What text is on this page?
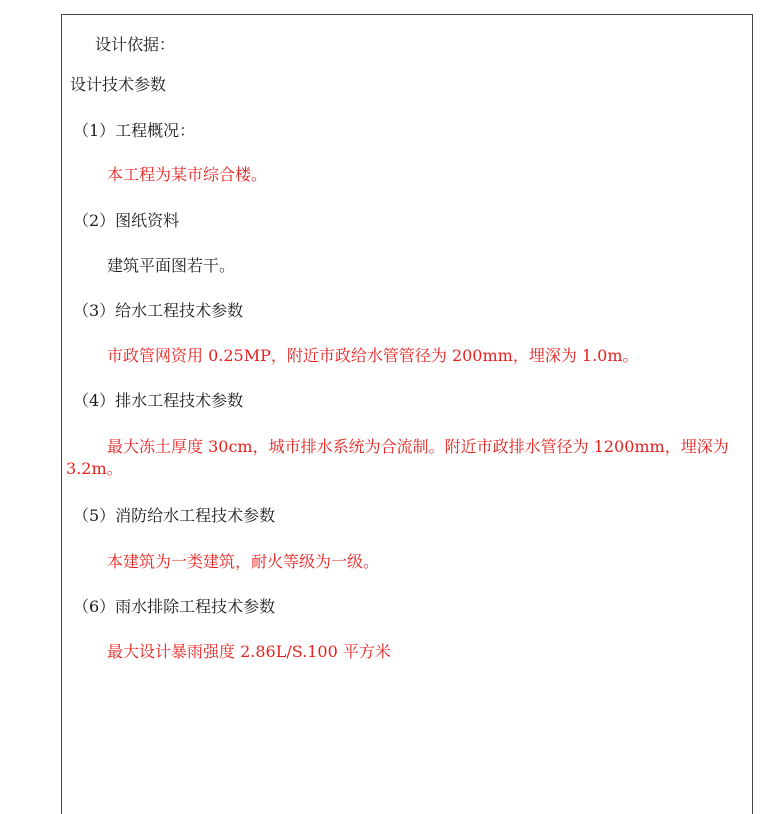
设计依据：
设计技术参数
（1）工程概况：
本工程为某市综合楼。
（2）图纸资料
建筑平面图若干。
（3）给水工程技术参数
市政管网资用 0.25MP，附近市政给水管管径为 200mm，埋深为 1.0m。
（4）排水工程技术参数
最大冻土厚度 30cm，城市排水系统为合流制。附近市政排水管径为 1200mm，埋深为 3.2m。
（5）消防给水工程技术参数
本建筑为一类建筑，耐火等级为一级。
（6）雨水排除工程技术参数
最大设计暴雨强度 2.86L/S.100 平方米
